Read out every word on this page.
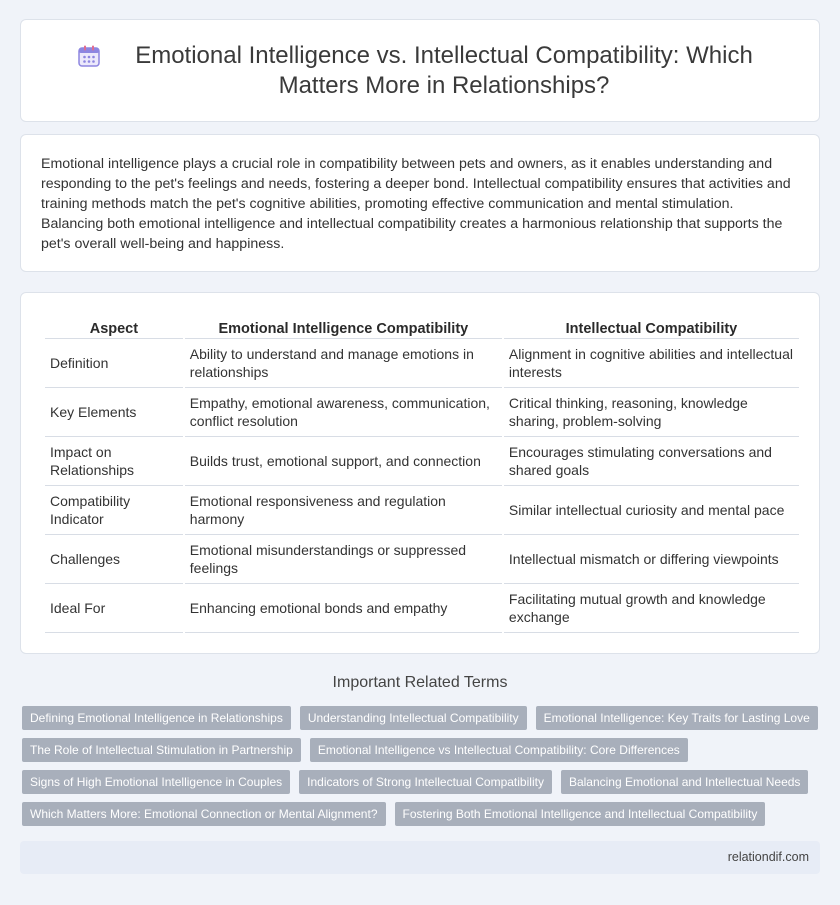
Emotional Intelligence vs. Intellectual Compatibility: Which Matters More in Relationships?

Emotional intelligence plays a crucial role in compatibility between pets and owners, as it enables understanding and responding to the pet's feelings and needs, fostering a deeper bond. Intellectual compatibility ensures that activities and training methods match the pet's cognitive abilities, promoting effective communication and mental stimulation. Balancing both emotional intelligence and intellectual compatibility creates a harmonious relationship that supports the pet's overall well-being and happiness.

Aspect	Emotional Intelligence Compatibility	Intellectual Compatibility
Definition	Ability to understand and manage emotions in relationships	Alignment in cognitive abilities and intellectual interests
Key Elements	Empathy, emotional awareness, communication, conflict resolution	Critical thinking, reasoning, knowledge sharing, problem-solving
Impact on Relationships	Builds trust, emotional support, and connection	Encourages stimulating conversations and shared goals
Compatibility Indicator	Emotional responsiveness and regulation harmony	Similar intellectual curiosity and mental pace
Challenges	Emotional misunderstandings or suppressed feelings	Intellectual mismatch or differing viewpoints
Ideal For	Enhancing emotional bonds and empathy	Facilitating mutual growth and knowledge exchange
Important Related Terms
Defining Emotional Intelligence in Relationships	Understanding Intellectual Compatibility	Emotional Intelligence: Key Traits for Lasting Love
The Role of Intellectual Stimulation in Partnership	Emotional Intelligence vs Intellectual Compatibility: Core Differences
Signs of High Emotional Intelligence in Couples	Indicators of Strong Intellectual Compatibility	Balancing Emotional and Intellectual Needs
Which Matters More: Emotional Connection or Mental Alignment?	Fostering Both Emotional Intelligence and Intellectual Compatibility
relationdif.com
